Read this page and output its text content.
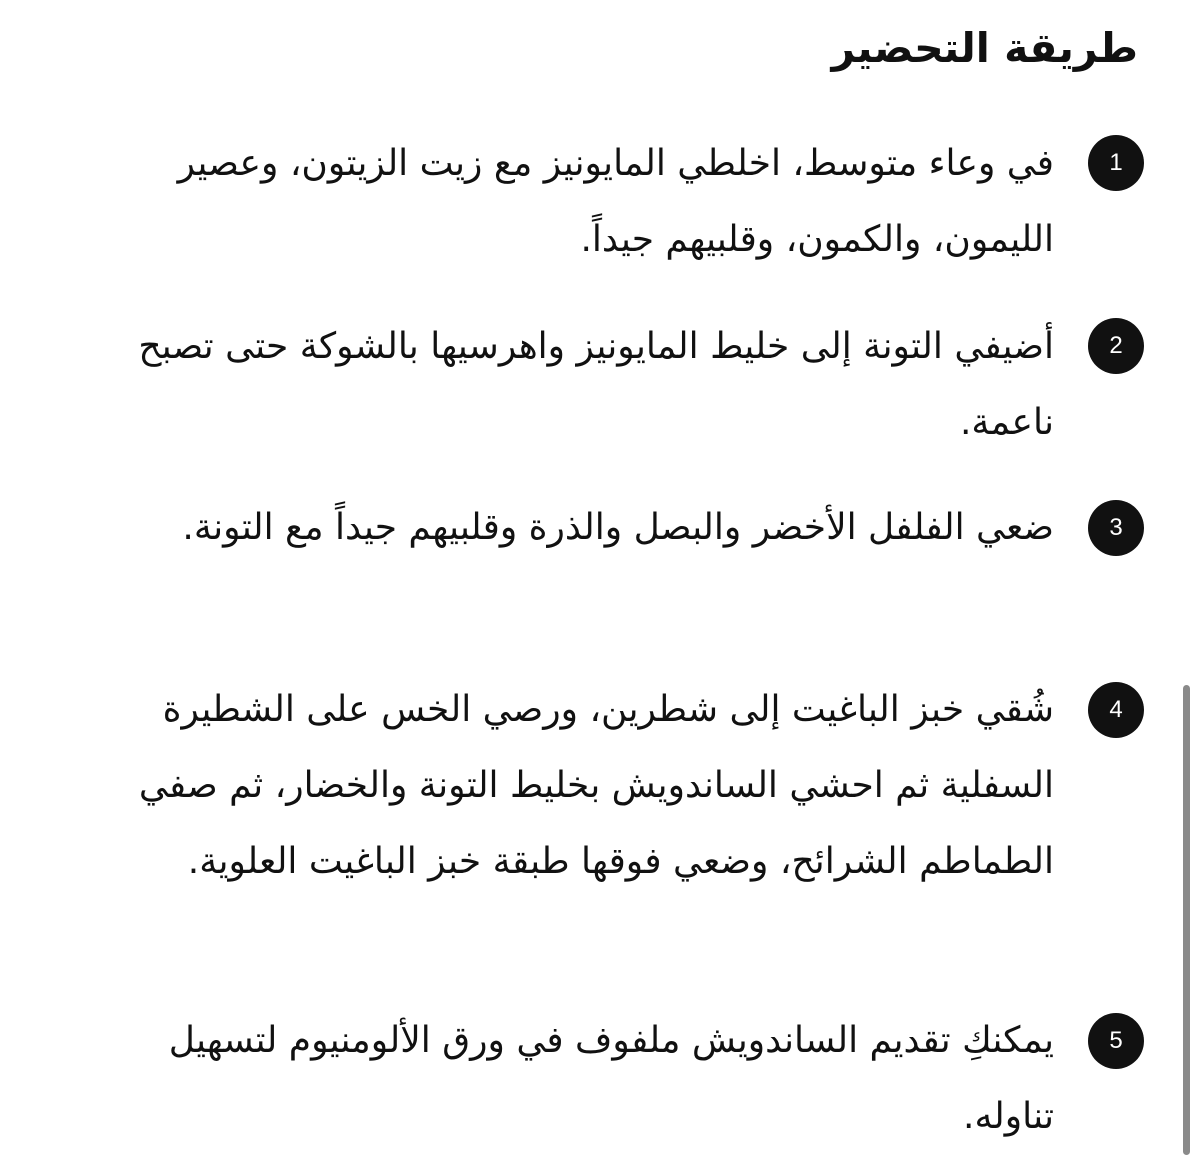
طريقة التحضير
1

في وعاء متوسط، اخلطي المايونيز مع زيت الزيتون، وعصير الليمون، والكمون، وقلبيهم جيداً.

2

أضيفي التونة إلى خليط المايونيز واهرسيها بالشوكة حتى تصبح ناعمة.

3

ضعي الفلفل الأخضر والبصل والذرة وقلبيهم جيداً مع التونة.

4

شُقي خبز الباغيت إلى شطرين، ورصي الخس على الشطيرة السفلية ثم احشي الساندويش بخليط التونة والخضار، ثم صفي الطماطم الشرائح، وضعي فوقها طبقة خبز الباغيت العلوية.

5

يمكنكِ تقديم الساندويش ملفوف في ورق الألومنيوم لتسهيل تناوله.
